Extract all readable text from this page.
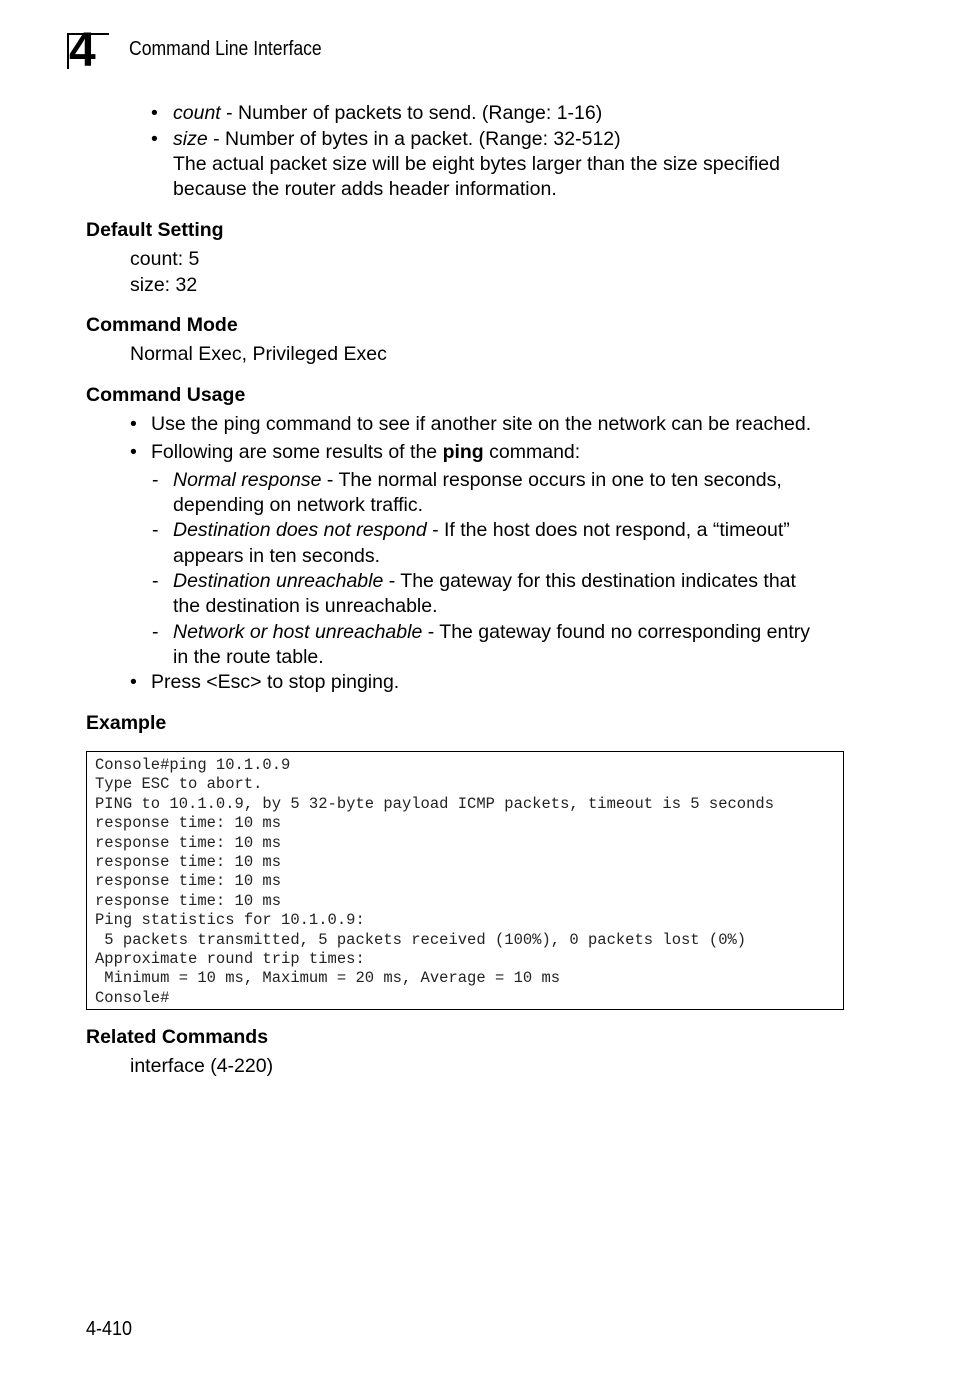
4 Command Line Interface
• count - Number of packets to send. (Range: 1-16)
• size - Number of bytes in a packet. (Range: 32-512)
The actual packet size will be eight bytes larger than the size specified
because the router adds header information.
Default Setting
count: 5
size: 32
Command Mode
Normal Exec, Privileged Exec
Command Usage
• Use the ping command to see if another site on the network can be reached.
• Following are some results of the ping command:
- Normal response - The normal response occurs in one to ten seconds,
depending on network traffic.
- Destination does not respond - If the host does not respond, a “timeout”
appears in ten seconds.
- Destination unreachable - The gateway for this destination indicates that
the destination is unreachable.
- Network or host unreachable - The gateway found no corresponding entry
in the route table.
• Press <Esc> to stop pinging.
Example
Console#ping 10.1.0.9
Type ESC to abort.
PING to 10.1.0.9, by 5 32-byte payload ICMP packets, timeout is 5 seconds
response time: 10 ms
response time: 10 ms
response time: 10 ms
response time: 10 ms
response time: 10 ms
Ping statistics for 10.1.0.9:
5 packets transmitted, 5 packets received (100%), 0 packets lost (0%)
Approximate round trip times:
Minimum = 10 ms, Maximum = 20 ms, Average = 10 ms
Console#
Related Commands
interface (4-220)
4-410
